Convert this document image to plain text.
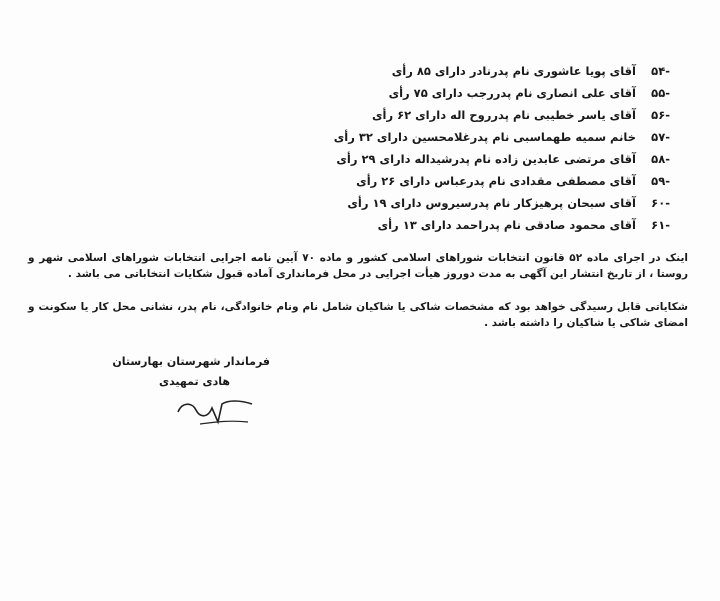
-۵۴آقای پویا عاشوری نام پدرنادر دارای ۸۵ رأی
-۵۵آقای علی انصاری نام پدررجب دارای ۷۵ رأی
-۵۶آقای یاسر خطیبی نام پدرروح اله دارای ۶۲ رأی
-۵۷خانم سمیه طهماسبی نام پدرغلامحسین دارای ۳۲ رأی
-۵۸آقای مرتضی عابدین زاده نام پدرشیداله دارای ۲۹ رأی
-۵۹آقای مصطفی مقدادی نام پدرعباس دارای ۲۶ رأی
-۶۰آقای سبحان پرهیزکار نام پدرسیروس دارای ۱۹ رأی
-۶۱آقای محمود صادقی نام پدراحمد دارای ۱۳ رأی

اینک در اجرای ماده ۵۲ قانون انتخابات شوراهای اسلامی کشور و ماده ۷۰ آیین نامه اجرایی انتخابات شوراهای اسلامی شهر و روستا ، از تاریخ انتشار این آگهی به مدت دوروز هیأت اجرایی در محل فرمانداری آماده قبول شکایات انتخاباتی می باشد .

شکایاتی قابل رسیدگی خواهد بود که مشخصات شاکی یا شاکیان شامل نام ونام خانوادگی، نام پدر، نشانی محل کار یا سکونت و امضای شاکی یا شاکیان را داشته باشد .

فرماندار شهرستان بهارستان
هادی تمهیدی
